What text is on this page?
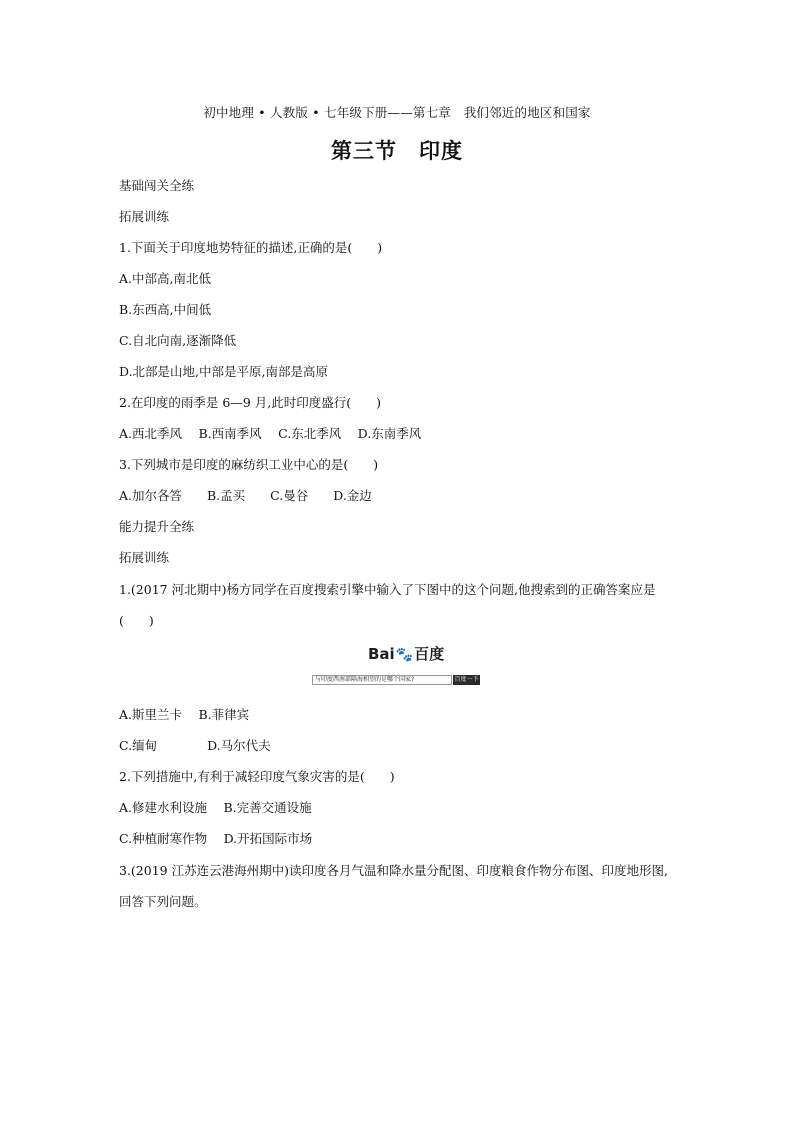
初中地理 • 人教版 • 七年级下册——第七章　我们邻近的地区和国家
第三节　印度
基础闯关全练
拓展训练
1.下面关于印度地势特征的描述,正确的是(　　)
A.中部高,南北低
B.东西高,中间低
C.自北向南,逐渐降低
D.北部是山地,中部是平原,南部是高原
2.在印度的雨季是 6—9 月,此时印度盛行(　　)
A.西北季风　 B.西南季风　 C.东北季风　 D.东南季风
3.下列城市是印度的麻纺织工业中心的是(　　)
A.加尔各答　　B.孟买　　C.曼谷　　D.金边
能力提升全练
拓展训练
1.(2017 河北期中)杨方同学在百度搜索引擎中输入了下图中的这个问题,他搜索到的正确答案应是
(　　)
Bai🐾百度
与印度西南部隔海相望的是哪个国家?	百度一下
A.斯里兰卡　 B.菲律宾
C.缅甸　　　　D.马尔代夫
2.下列措施中,有利于减轻印度气象灾害的是(　　)
A.修建水利设施　 B.完善交通设施
C.种植耐寒作物　 D.开拓国际市场
3.(2019 江苏连云港海州期中)读印度各月气温和降水量分配图、印度粮食作物分布图、印度地形图,
回答下列问题。
